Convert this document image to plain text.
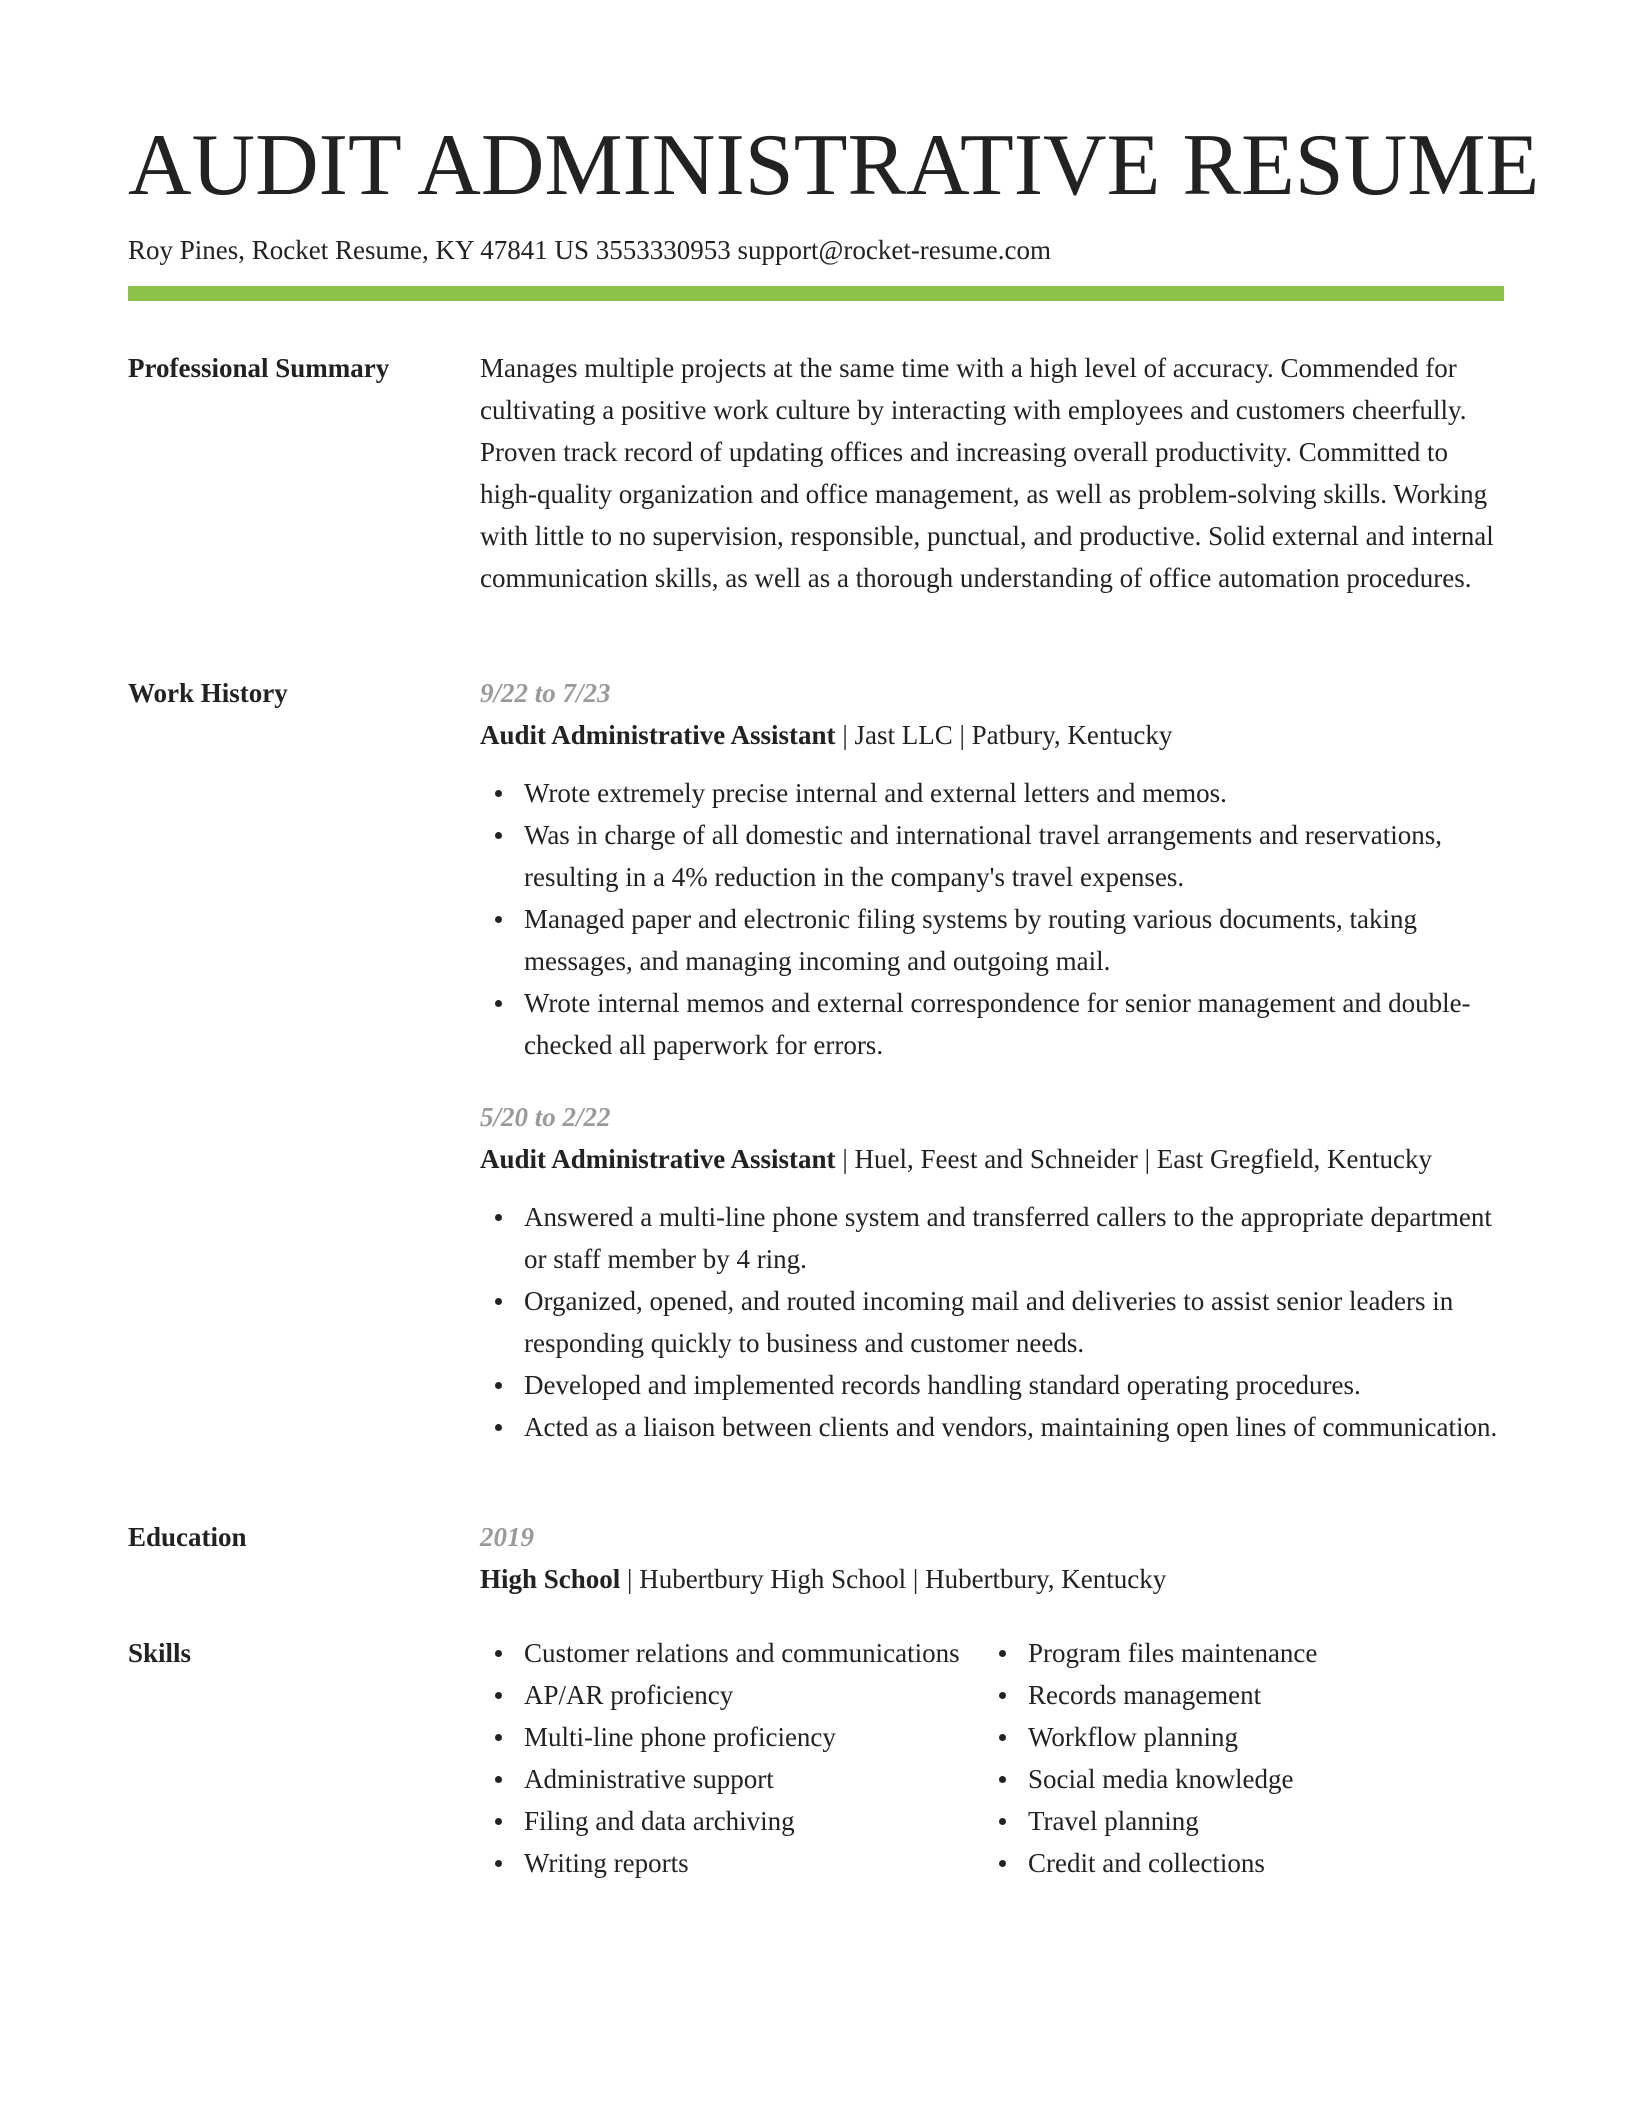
AUDIT ADMINISTRATIVE RESUME
Roy Pines, Rocket Resume, KY 47841 US 3553330953 support@rocket-resume.com
Professional Summary	Manages multiple projects at the same time with a high level of accuracy. Commended for cultivating a positive work culture by interacting with employees and customers cheerfully. Proven track record of updating offices and increasing overall productivity. Committed to high-quality organization and office management, as well as problem-solving skills. Working with little to no supervision, responsible, punctual, and productive. Solid external and internal communication skills, as well as a thorough understanding of office automation procedures.

Work History	9/22 to 7/23
Audit Administrative Assistant | Jast LLC | Patbury, Kentucky
Wrote extremely precise internal and external letters and memos.
Was in charge of all domestic and international travel arrangements and reservations, resulting in a 4% reduction in the company's travel expenses.
Managed paper and electronic filing systems by routing various documents, taking messages, and managing incoming and outgoing mail.
Wrote internal memos and external correspondence for senior management and double-checked all paperwork for errors.
5/20 to 2/22
Audit Administrative Assistant | Huel, Feest and Schneider | East Gregfield, Kentucky
Answered a multi-line phone system and transferred callers to the appropriate department or staff member by 4 ring.
Organized, opened, and routed incoming mail and deliveries to assist senior leaders in responding quickly to business and customer needs.
Developed and implemented records handling standard operating procedures.
Acted as a liaison between clients and vendors, maintaining open lines of communication.
Education	2019
High School | Hubertbury High School | Hubertbury, Kentucky
Skills	Customer relations and communications
AP/AR proficiency
Multi-line phone proficiency
Administrative support
Filing and data archiving
Writing reports
Program files maintenance
Records management
Workflow planning
Social media knowledge
Travel planning
Credit and collections
